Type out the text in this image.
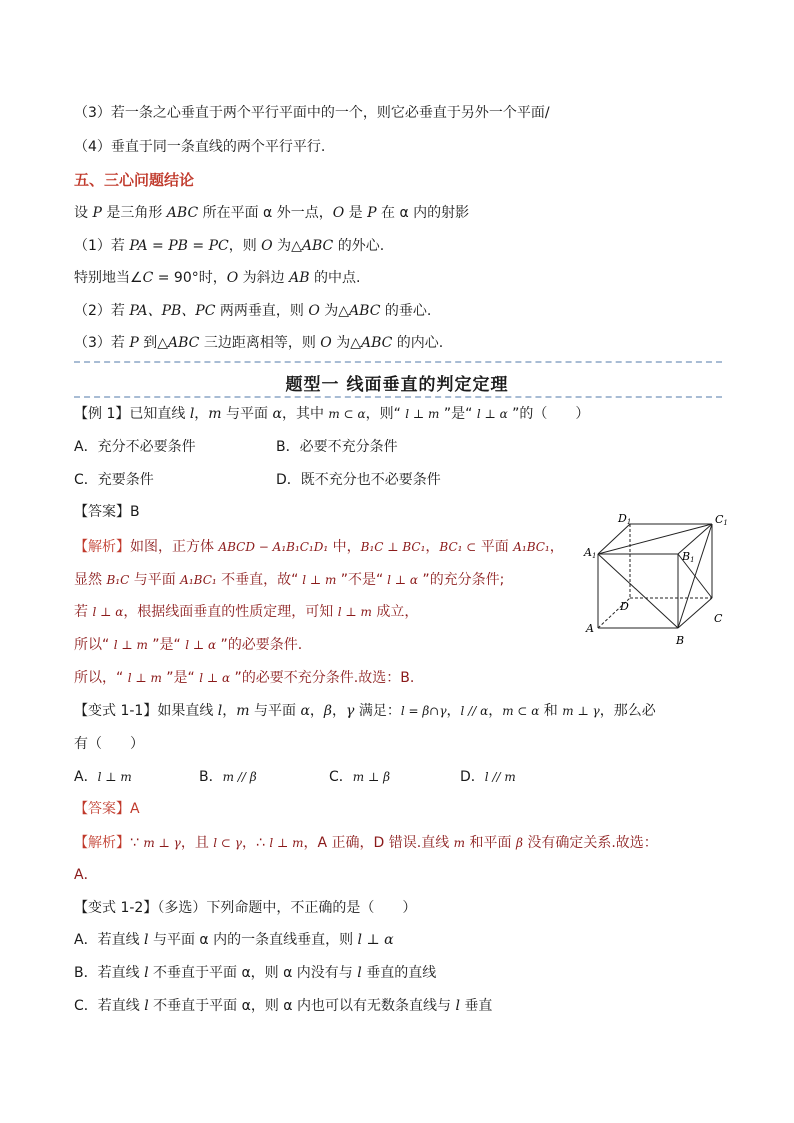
（3）若一条之心垂直于两个平行平面中的一个，则它必垂直于另外一个平面/
（4）垂直于同一条直线的两个平行平行.
五、三心问题结论
设 P 是三角形 ABC 所在平面 α 外一点，O 是 P 在 α 内的射影
（1）若 PA = PB = PC，则 O 为△ABC 的外心.
特别地当∠C = 90°时，O 为斜边 AB 的中点.
（2）若 PA、PB、PC 两两垂直，则 O 为△ABC 的垂心.
（3）若 P 到△ABC 三边距离相等，则 O 为△ABC 的内心.
题型一 线面垂直的判定定理
【例 1】已知直线 l，m 与平面 α，其中 m ⊂ α，则“ l ⊥ m ”是“ l ⊥ α ”的（　　）
A．充分不必要条件	B．必要不充分条件
C．充要条件	D．既不充分也不必要条件
【答案】B
【解析】如图，正方体 ABCD − A₁B₁C₁D₁ 中，B₁C ⊥ BC₁，BC₁ ⊂ 平面 A₁BC₁，
显然 B₁C 与平面 A₁BC₁ 不垂直，故“ l ⊥ m ”不是“ l ⊥ α ”的充分条件;
若 l ⊥ α，根据线面垂直的性质定理，可知 l ⊥ m 成立，
所以“ l ⊥ m ”是“ l ⊥ α ”的必要条件.
所以，“ l ⊥ m ”是“ l ⊥ α ”的必要不充分条件.故选：B.
D1	C1
A1	B1
D
C
A
B
【变式 1-1】如果直线 l，m 与平面 α，β，γ 满足：l = β∩γ，l // α，m ⊂ α 和 m ⊥ γ，那么必
有（　　）
A．l ⊥ m	B．m // β	C．m ⊥ β	D．l // m
【答案】A
【解析】∵ m ⊥ γ，且 l ⊂ γ，∴ l ⊥ m，A 正确，D 错误.直线 m 和平面 β 没有确定关系.故选：
A．
【变式 1-2】（多选）下列命题中，不正确的是（　　）
A．若直线 l 与平面 α 内的一条直线垂直，则 l ⊥ α
B．若直线 l 不垂直于平面 α，则 α 内没有与 l 垂直的直线
C．若直线 l 不垂直于平面 α，则 α 内也可以有无数条直线与 l 垂直
